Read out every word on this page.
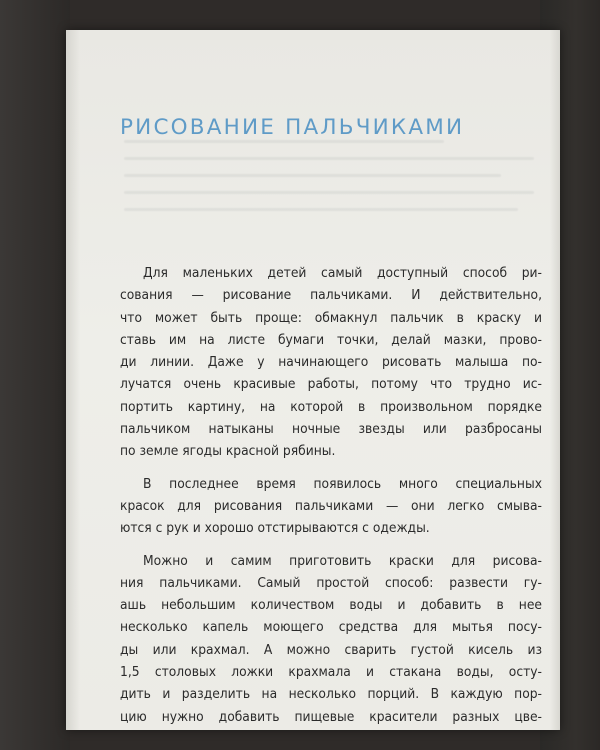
РИСОВАНИЕ ПАЛЬЧИКАМИ

Для маленьких детей самый доступный способ ри-
сования — рисование пальчиками. И действительно,
что может быть проще: обмакнул пальчик в краску и
ставь им на листе бумаги точки, делай мазки, прово-
ди линии. Даже у начинающего рисовать малыша по-
лучатся очень красивые работы, потому что трудно ис-
портить картину, на которой в произвольном порядке
пальчиком натыканы ночные звезды или разбросаны
по земле ягоды красной рябины.

В последнее время появилось много специальных
красок для рисования пальчиками — они легко смыва-
ются с рук и хорошо отстирываются с одежды.

Можно и самим приготовить краски для рисова-
ния пальчиками. Самый простой способ: развести гу-
ашь небольшим количеством воды и добавить в нее
несколько капель моющего средства для мытья посу-
ды или крахмал. А можно сварить густой кисель из
1,5 столовых ложки крахмала и стакана воды, осту-
дить и разделить на несколько порций. В каждую пор-
цию нужно добавить пищевые красители разных цве-
